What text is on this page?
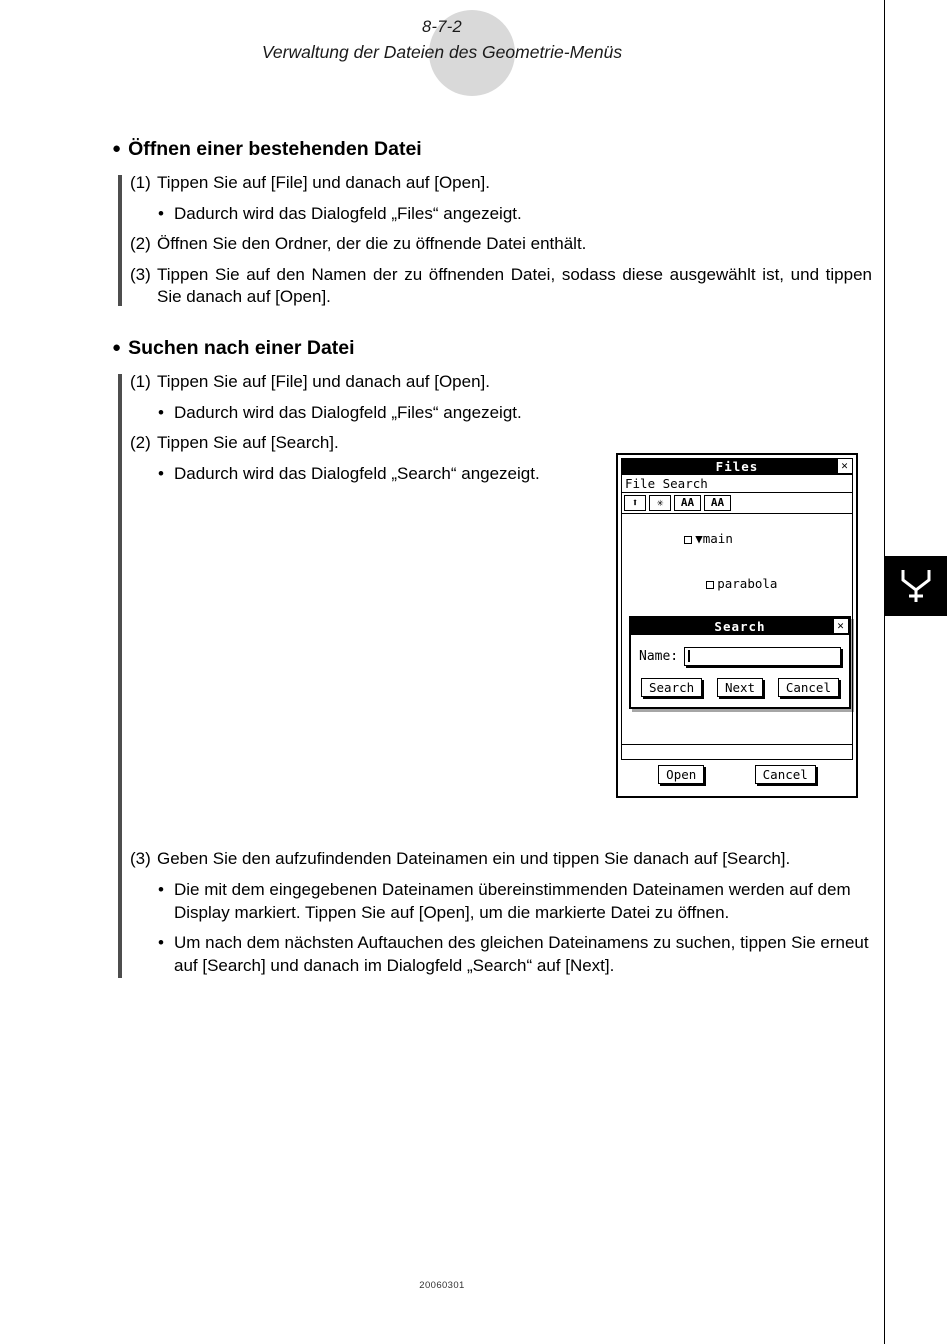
8-7-2
Verwaltung der Dateien des Geometrie-Menüs
● Öffnen einer bestehenden Datei
(1) Tippen Sie auf [File] und danach auf [Open].
• Dadurch wird das Dialogfeld „Files“ angezeigt.
(2) Öffnen Sie den Ordner, der die zu öffnende Datei enthält.
(3) Tippen Sie auf den Namen der zu öffnenden Datei, sodass diese ausgewählt ist, und tippen Sie danach auf [Open].
● Suchen nach einer Datei
(1) Tippen Sie auf [File] und danach auf [Open].
• Dadurch wird das Dialogfeld „Files“ angezeigt.
(2) Tippen Sie auf [Search].
• Dadurch wird das Dialogfeld „Search“ angezeigt.
(3) Geben Sie den aufzufindenden Dateinamen ein und tippen Sie danach auf [Search].
• Die mit dem eingegebenen Dateinamen übereinstimmenden Dateinamen werden auf dem Display markiert. Tippen Sie auf [Open], um die markierte Datei zu öffnen.
• Um nach dem nächsten Auftauchen des gleichen Dateinamens zu suchen, tippen Sie erneut auf [Search] und danach im Dialogfeld „Search“ auf [Next].
Files	✕
File Search
⬆	✳	AA	AA

▼main

parabola

Search	✕
Name:
Search	Next	Cancel
Open	Cancel
20060301
